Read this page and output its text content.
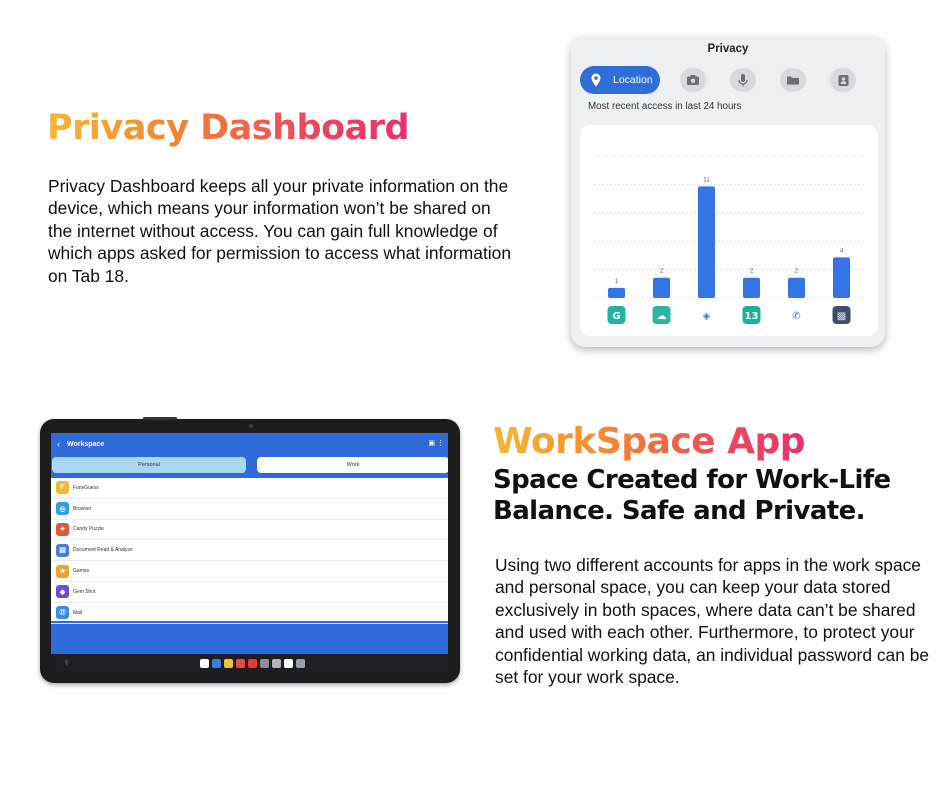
Privacy Dashboard
Privacy Dashboard keeps all your private information on the device, which means your information won’t be shared on the internet without access. You can gain full knowledge of which apps asked for permission to access what information on Tab 18.
Privacy
Location
Most recent access in last 24 hours
1
G
2
☁
11
◈
2
13
2
✆
4
▩
‹ Workspace	▣ ⋮
Personal	Work
F	FansGuess
◎	Browser
✦	Candy Puzzle
▤	Document Read & Analyze
★	Games
◆	Gem Shot
@	Mail
⦀
WorkSpace App
Space Created for Work-Life Balance. Safe and Private.
Using two different accounts for apps in the work space and personal space, you can keep your data stored exclusively in both spaces, where data can’t be shared and used with each other. Furthermore, to protect your confidential working data, an individual password can be set for your work space.
